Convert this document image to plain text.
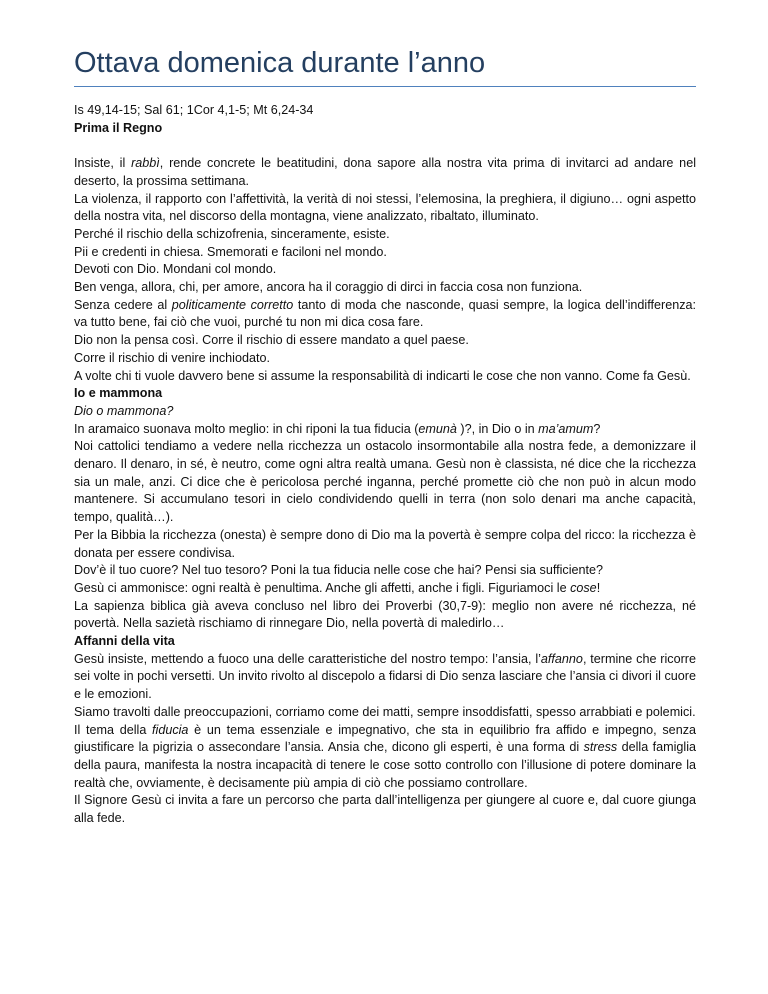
Ottava domenica durante l’anno

Is 49,14-15; Sal 61; 1Cor 4,1-5; Mt 6,24-34

Prima il Regno

Insiste, il rabbì, rende concrete le beatitudini, dona sapore alla nostra vita prima di invitarci ad andare nel deserto, la prossima settimana.

La violenza, il rapporto con l’affettività, la verità di noi stessi, l’elemosina, la preghiera, il digiuno… ogni aspetto della nostra vita, nel discorso della montagna, viene analizzato, ribaltato, illuminato.

Perché il rischio della schizofrenia, sinceramente, esiste.

Pii e credenti in chiesa. Smemorati e faciloni nel mondo.

Devoti con Dio. Mondani col mondo.

Ben venga, allora, chi, per amore, ancora ha il coraggio di dirci in faccia cosa non funziona.

Senza cedere al politicamente corretto tanto di moda che nasconde, quasi sempre, la logica dell’indifferenza: va tutto bene, fai ciò che vuoi, purché tu non mi dica cosa fare.

Dio non la pensa così. Corre il rischio di essere mandato a quel paese.

Corre il rischio di venire inchiodato.

A volte chi ti vuole davvero bene si assume la responsabilità di indicarti le cose che non vanno. Come fa Gesù.

Io e mammona

Dio o mammona?

In aramaico suonava molto meglio: in chi riponi la tua fiducia (emunà )?, in Dio o in ma’amum?

Noi cattolici tendiamo a vedere nella ricchezza un ostacolo insormontabile alla nostra fede, a demonizzare il denaro. Il denaro, in sé, è neutro, come ogni altra realtà umana. Gesù non è classista, né dice che la ricchezza sia un male, anzi. Ci dice che è pericolosa perché inganna, perché promette ciò che non può in alcun modo mantenere. Si accumulano tesori in cielo condividendo quelli in terra (non solo denari ma anche capacità, tempo, qualità…).

Per la Bibbia la ricchezza (onesta) è sempre dono di Dio ma la povertà è sempre colpa del ricco: la ricchezza è donata per essere condivisa.

Dov’è il tuo cuore? Nel tuo tesoro? Poni la tua fiducia nelle cose che hai? Pensi sia sufficiente?

Gesù ci ammonisce: ogni realtà è penultima. Anche gli affetti, anche i figli. Figuriamoci le cose!

La sapienza biblica già aveva concluso nel libro dei Proverbi (30,7-9): meglio non avere né ricchezza, né povertà. Nella sazietà rischiamo di rinnegare Dio, nella povertà di maledirlo…

Affanni della vita

Gesù insiste, mettendo a fuoco una delle caratteristiche del nostro tempo: l’ansia, l’affanno, termine che ricorre sei volte in pochi versetti. Un invito rivolto al discepolo a fidarsi di Dio senza lasciare che l’ansia ci divori il cuore e le emozioni.

Siamo travolti dalle preoccupazioni, corriamo come dei matti, sempre insoddisfatti, spesso arrabbiati e polemici.

Il tema della fiducia è un tema essenziale e impegnativo, che sta in equilibrio fra affido e impegno, senza giustificare la pigrizia o assecondare l’ansia. Ansia che, dicono gli esperti, è una forma di stress della famiglia della paura, manifesta la nostra incapacità di tenere le cose sotto controllo con l’illusione di potere dominare la realtà che, ovviamente, è decisamente più ampia di ciò che possiamo controllare.

Il Signore Gesù ci invita a fare un percorso che parta dall’intelligenza per giungere al cuore e, dal cuore giunga alla fede.
